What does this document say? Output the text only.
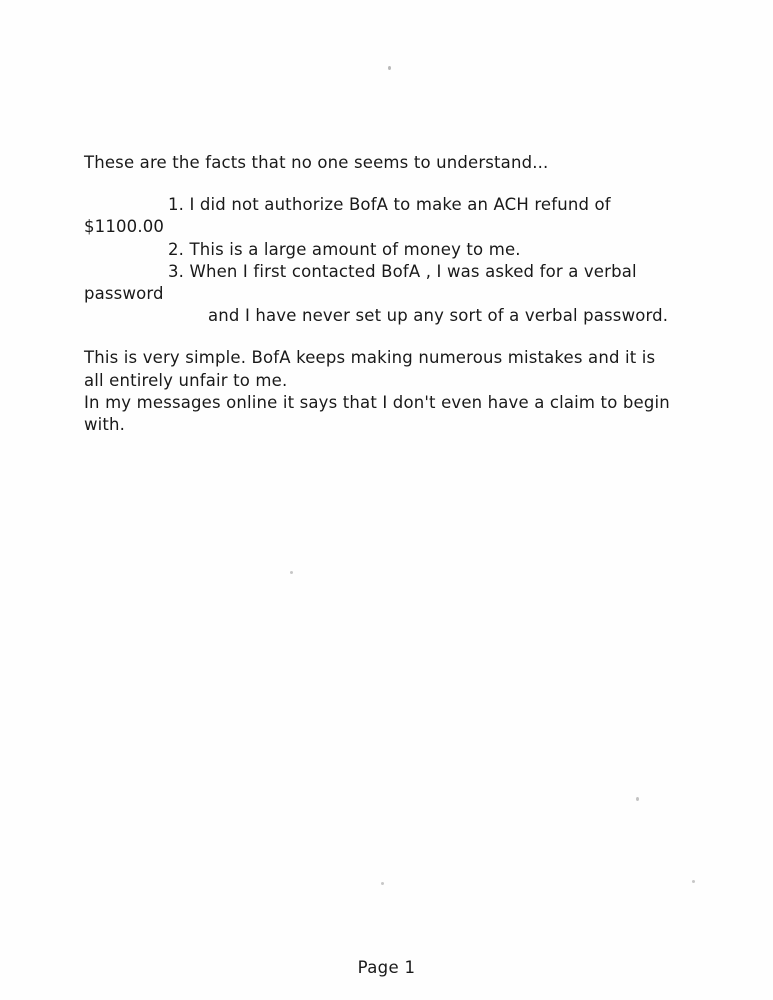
These are the facts that no one seems to understand...

1. I did not authorize BofA to make an ACH refund of

$1100.00

2. This is a large amount of money to me.

3. When I first contacted BofA , I was asked for a verbal

password

and I have never set up any sort of a verbal password.

This is very simple. BofA keeps making numerous mistakes and it is

all entirely unfair to me.

In my messages online it says that I don't even have a claim to begin

with.

Page 1
